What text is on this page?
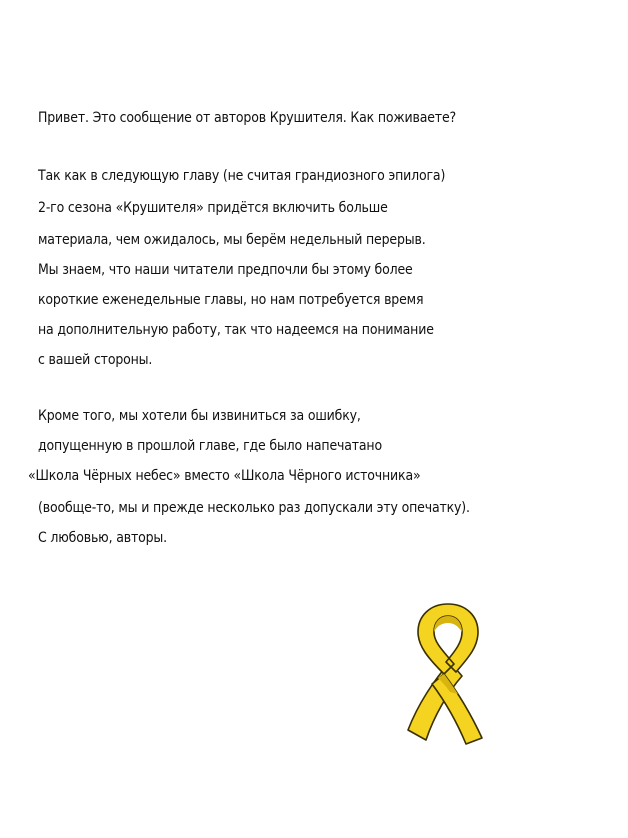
Привет. Это сообщение от авторов Крушителя. Как поживаете?
Так как в следующую главу (не считая грандиозного эпилога)
2-го сезона «Крушителя» придётся включить больше
материала, чем ожидалось, мы берём недельный перерыв.
Мы знаем, что наши читатели предпочли бы этому более
короткие еженедельные главы, но нам потребуется время
на дополнительную работу, так что надеемся на понимание
с вашей стороны.
Кроме того, мы хотели бы извиниться за ошибку,
допущенную в прошлой главе, где было напечатано
«Школа Чёрных небес» вместо «Школа Чёрного источника»
(вообще-то, мы и прежде несколько раз допускали эту опечатку).
С любовью, авторы.
